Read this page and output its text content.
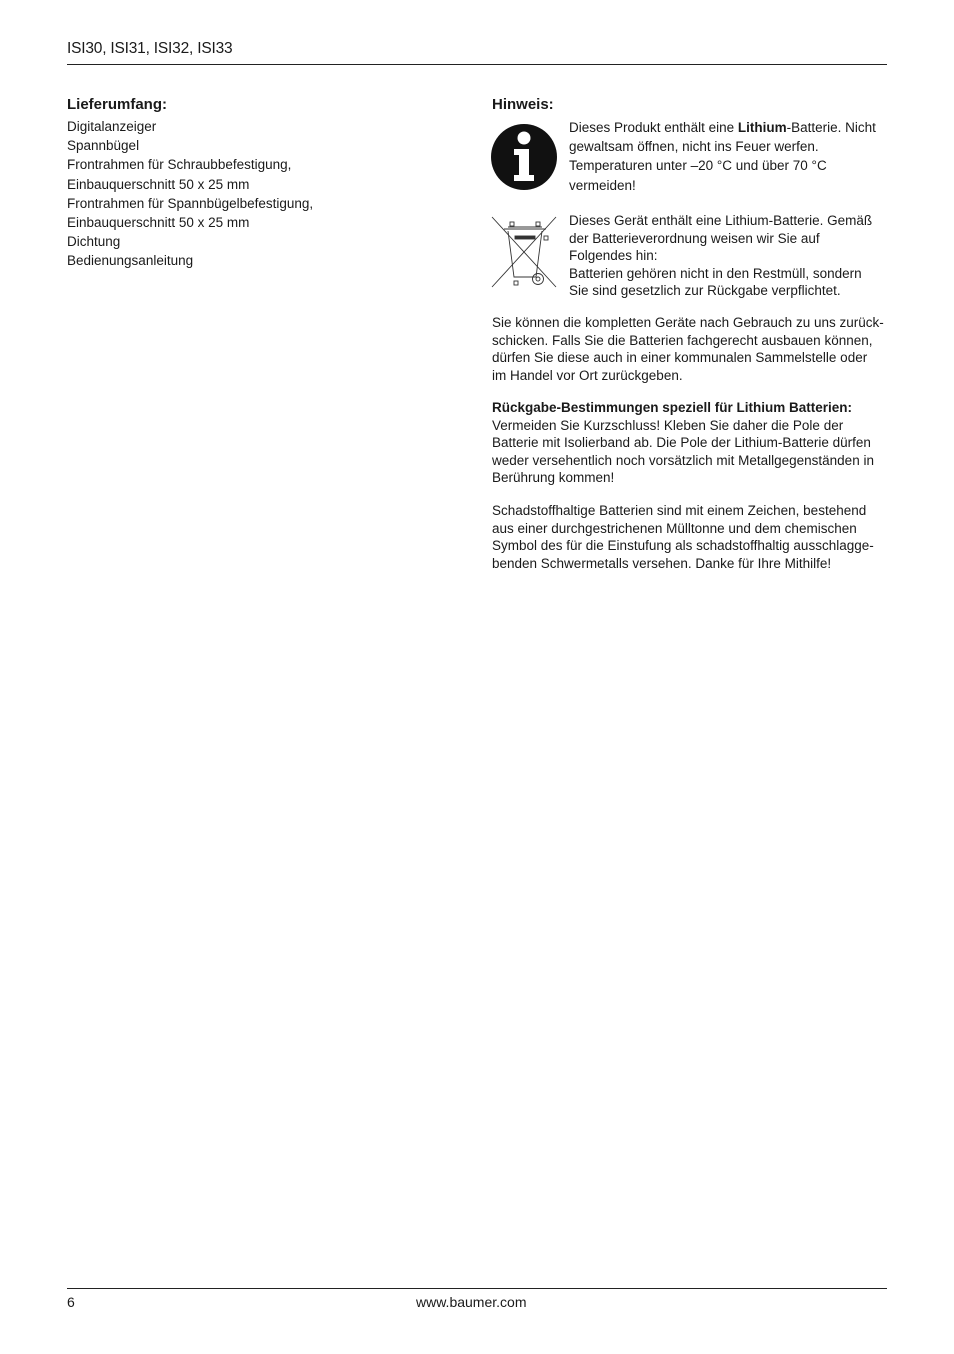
ISI30, ISI31, ISI32, ISI33
Lieferumfang:
Digitalanzeiger
Spannbügel
Frontrahmen für Schraubbefestigung,
Einbauquerschnitt 50 x 25 mm
Frontrahmen für Spannbügelbefestigung,
Einbauquerschnitt 50 x 25 mm
Dichtung
Bedienungsanleitung
Hinweis:
Dieses Produkt enthält eine Lithium-Batterie. Nicht
gewaltsam öffnen, nicht ins Feuer werfen.
Temperaturen unter –20 °C und über 70 °C
vermeiden!
Dieses Gerät enthält eine Lithium-Batterie. Gemäß
der Batterieverordnung weisen wir Sie auf
Folgendes hin:
Batterien gehören nicht in den Restmüll, sondern
Sie sind gesetzlich zur Rückgabe verpflichtet.
Sie können die kompletten Geräte nach Gebrauch zu uns zurück-
schicken. Falls Sie die Batterien fachgerecht ausbauen können,
dürfen Sie diese auch in einer kommunalen Sammelstelle oder
im Handel vor Ort zurückgeben.
Rückgabe-Bestimmungen speziell für Lithium Batterien:
Vermeiden Sie Kurzschluss! Kleben Sie daher die Pole der
Batterie mit Isolierband ab. Die Pole der Lithium-Batterie dürfen
weder versehentlich noch vorsätzlich mit Metallgegenständen in
Berührung kommen!
Schadstoffhaltige Batterien sind mit einem Zeichen, bestehend
aus einer durchgestrichenen Mülltonne und dem chemischen
Symbol des für die Einstufung als schadstoffhaltig ausschlagge-
benden Schwermetalls versehen. Danke für Ihre Mithilfe!
6	www.baumer.com
